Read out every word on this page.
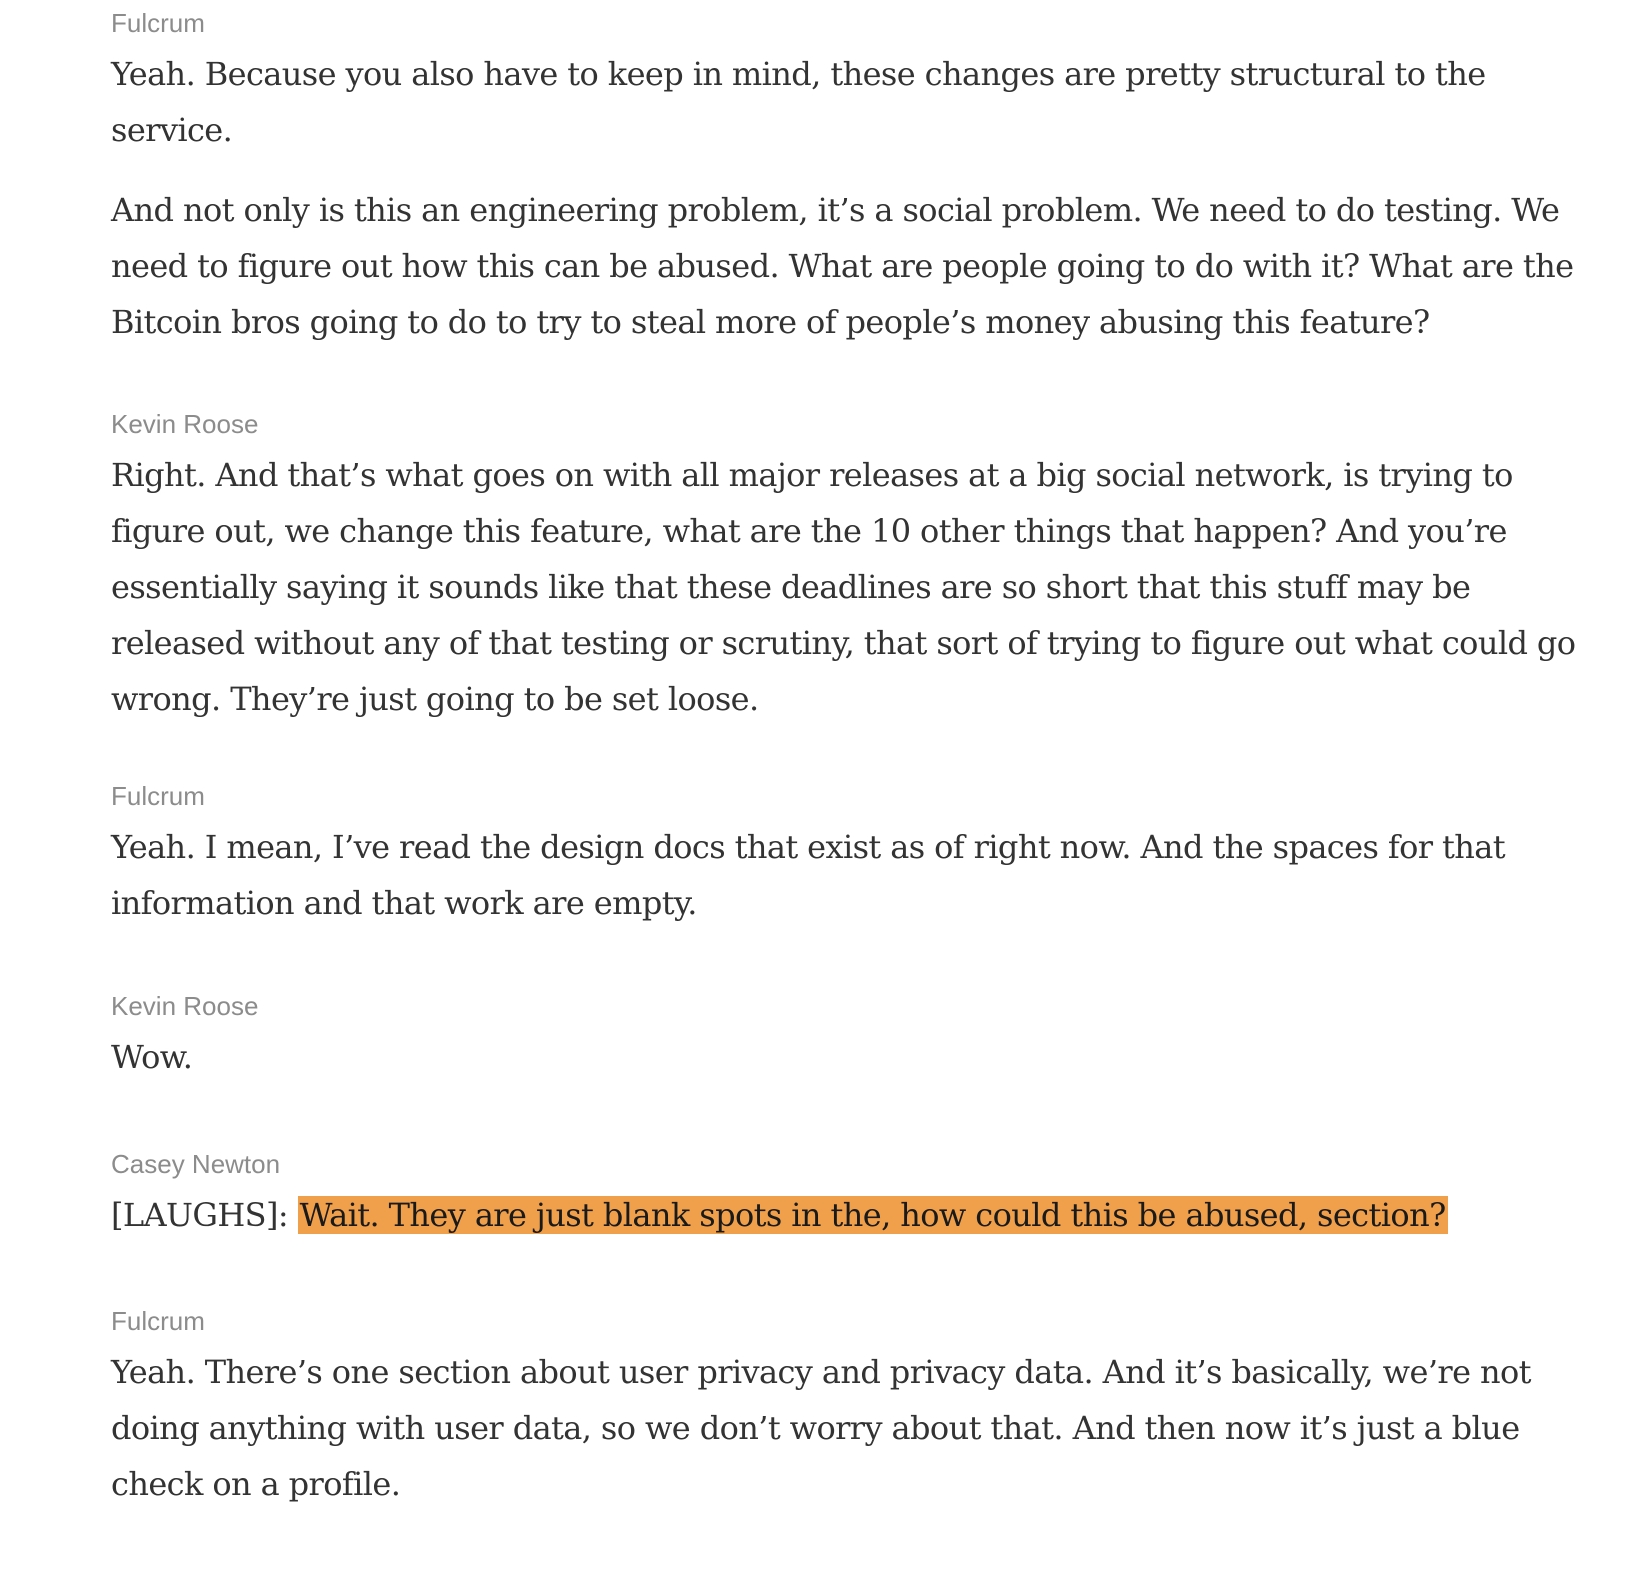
Fulcrum

Yeah. Because you also have to keep in mind, these changes are pretty structural to the service.

And not only is this an engineering problem, it’s a social problem. We need to do testing. We need to figure out how this can be abused. What are people going to do with it? What are the Bitcoin bros going to do to try to steal more of people’s money abusing this feature?

Kevin Roose

Right. And that’s what goes on with all major releases at a big social network, is trying to figure out, we change this feature, what are the 10 other things that happen? And you’re essentially saying it sounds like that these deadlines are so short that this stuff may be released without any of that testing or scrutiny, that sort of trying to figure out what could go wrong. They’re just going to be set loose.

Fulcrum

Yeah. I mean, I’ve read the design docs that exist as of right now. And the spaces for that information and that work are empty.

Kevin Roose

Wow.

Casey Newton

[LAUGHS]: Wait. They are just blank spots in the, how could this be abused, section?

Fulcrum

Yeah. There’s one section about user privacy and privacy data. And it’s basically, we’re not doing anything with user data, so we don’t worry about that. And then now it’s just a blue check on a profile.
